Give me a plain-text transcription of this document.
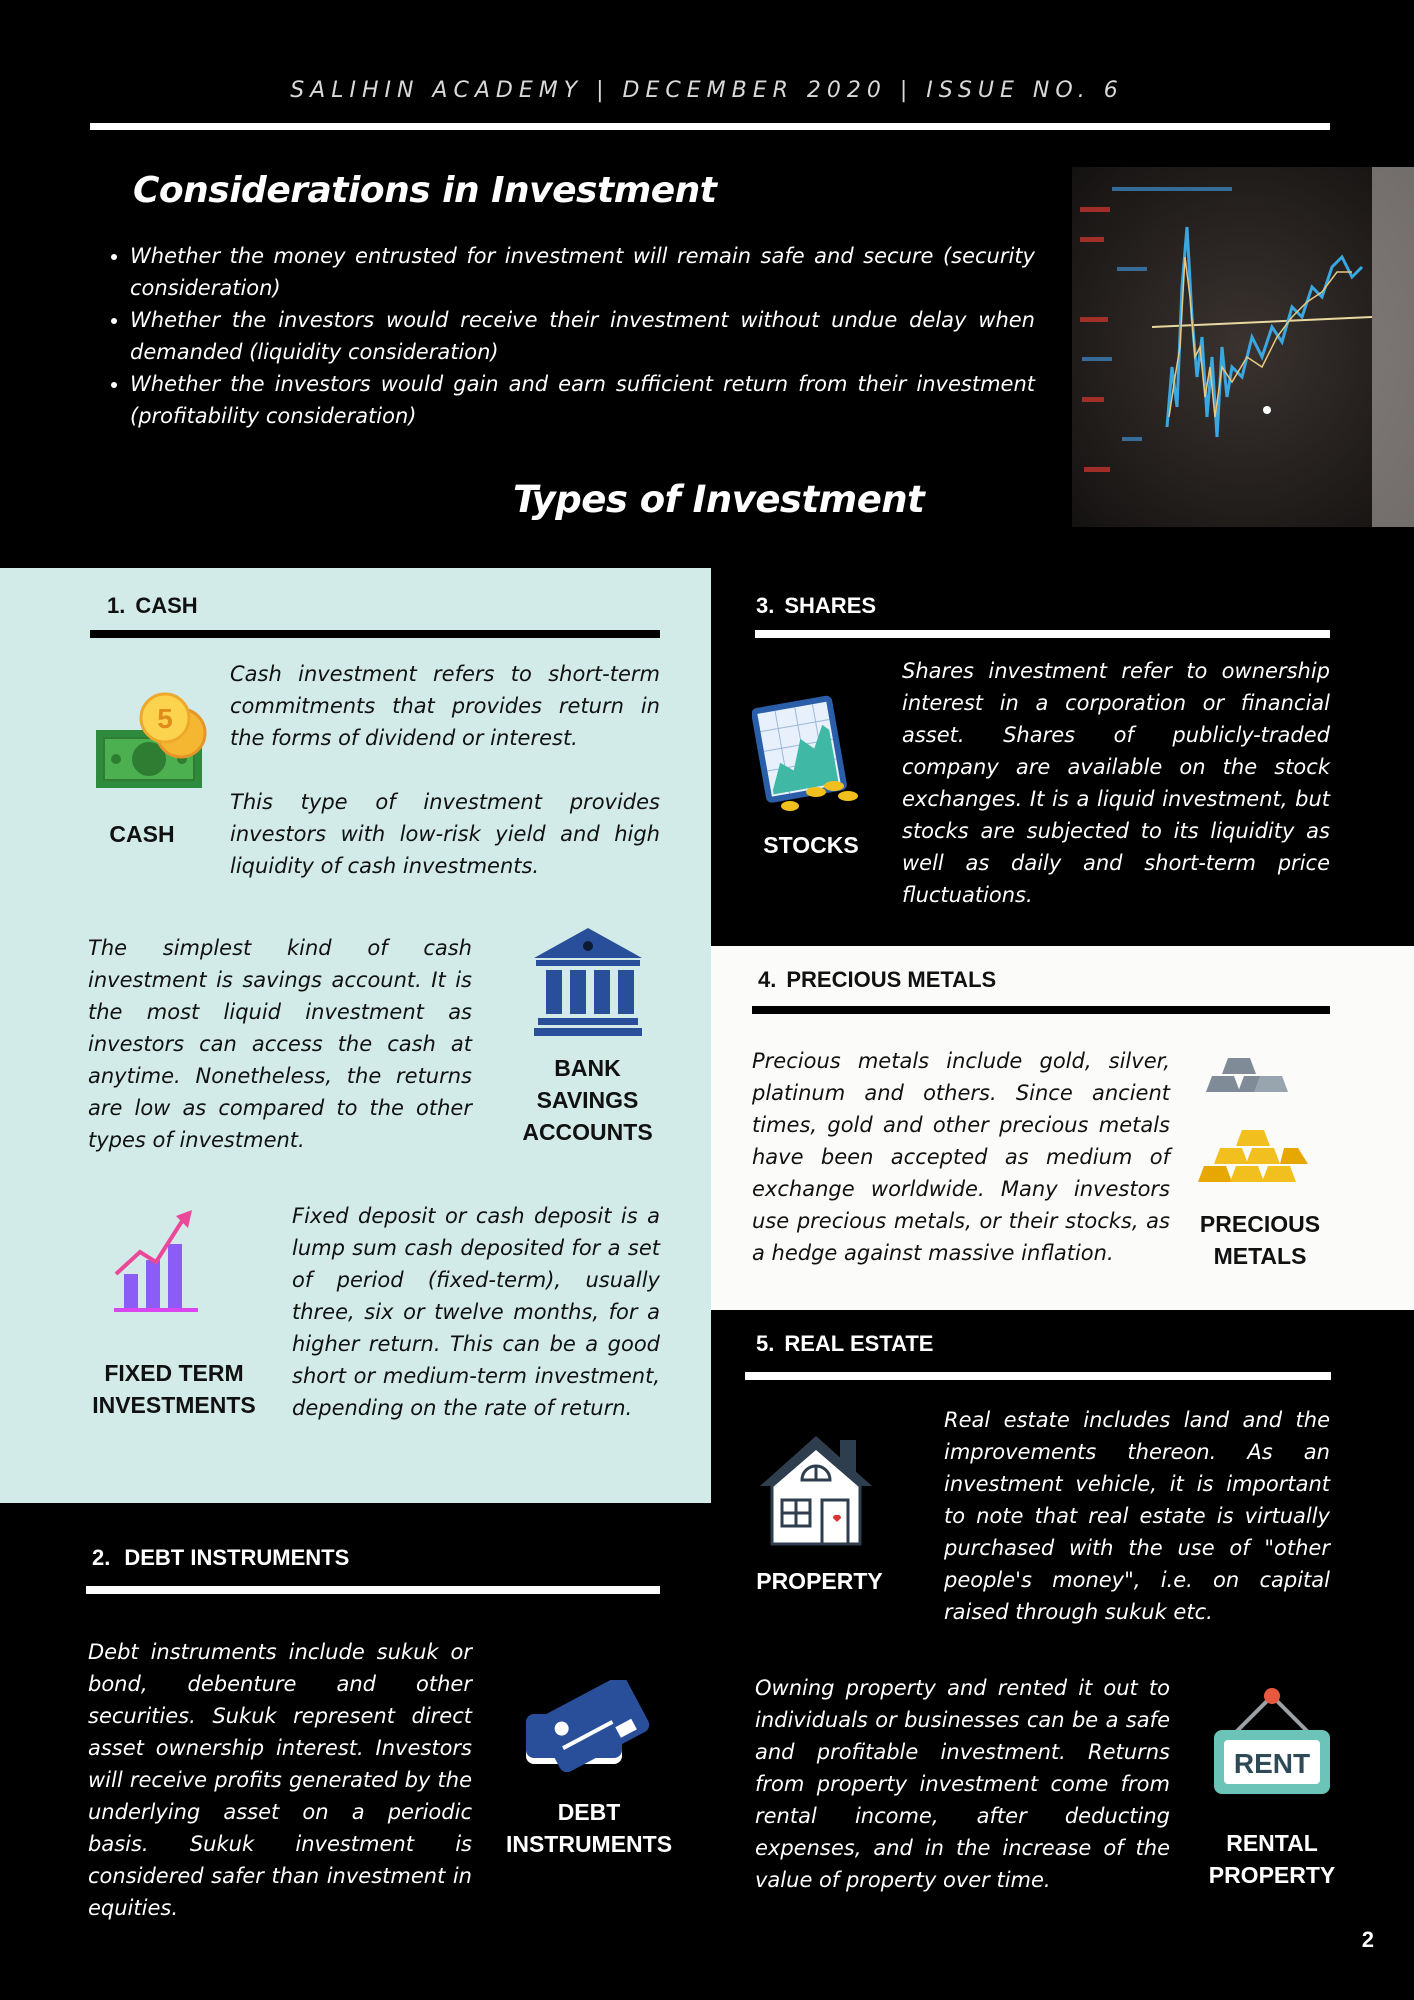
SALIHIN ACADEMY | DECEMBER 2020 | ISSUE NO. 6
Considerations in Investment
• Whether the money entrusted for investment will remain safe and secure (security consideration)
• Whether the investors would receive their investment without undue delay when demanded (liquidity consideration)
• Whether the investors would gain and earn sufficient return from their investment (profitability consideration)
Types of Investment
1. CASH
5
CASH
Cash investment refers to short-term commitments that provides return in the forms of dividend or interest.
This type of investment provides investors with low-risk yield and high liquidity of cash investments.
The simplest kind of cash investment is savings account. It is the most liquid investment as investors can access the cash at anytime. Nonetheless, the returns are low as compared to the other types of investment.
BANK
SAVINGS
ACCOUNTS
FIXED TERM
INVESTMENTS
Fixed deposit or cash deposit is a lump sum cash deposited for a set of period (fixed-term), usually three, six or twelve months, for a higher return. This can be a good short or medium-term investment, depending on the rate of return.
2. DEBT INSTRUMENTS
Debt instruments include sukuk or bond, debenture and other securities. Sukuk represent direct asset ownership interest. Investors will receive profits generated by the underlying asset on a periodic basis. Sukuk investment is considered safer than investment in equities.
DEBT
INSTRUMENTS
3. SHARES
STOCKS
Shares investment refer to ownership interest in a corporation or financial asset. Shares of publicly-traded company are available on the stock exchanges. It is a liquid investment, but stocks are subjected to its liquidity as well as daily and short-term price fluctuations.
4. PRECIOUS METALS
Precious metals include gold, silver, platinum and others. Since ancient times, gold and other precious metals have been accepted as medium of exchange worldwide. Many investors use precious metals, or their stocks, as a hedge against massive inflation.
PRECIOUS
METALS
5. REAL ESTATE
PROPERTY
Real estate includes land and the improvements thereon. As an investment vehicle, it is important to note that real estate is virtually purchased with the use of "other people's money", i.e. on capital raised through sukuk etc.
Owning property and rented it out to individuals or businesses can be a safe and profitable investment. Returns from property investment come from rental income, after deducting expenses, and in the increase of the value of property over time.
RENT
RENTAL
PROPERTY
2
